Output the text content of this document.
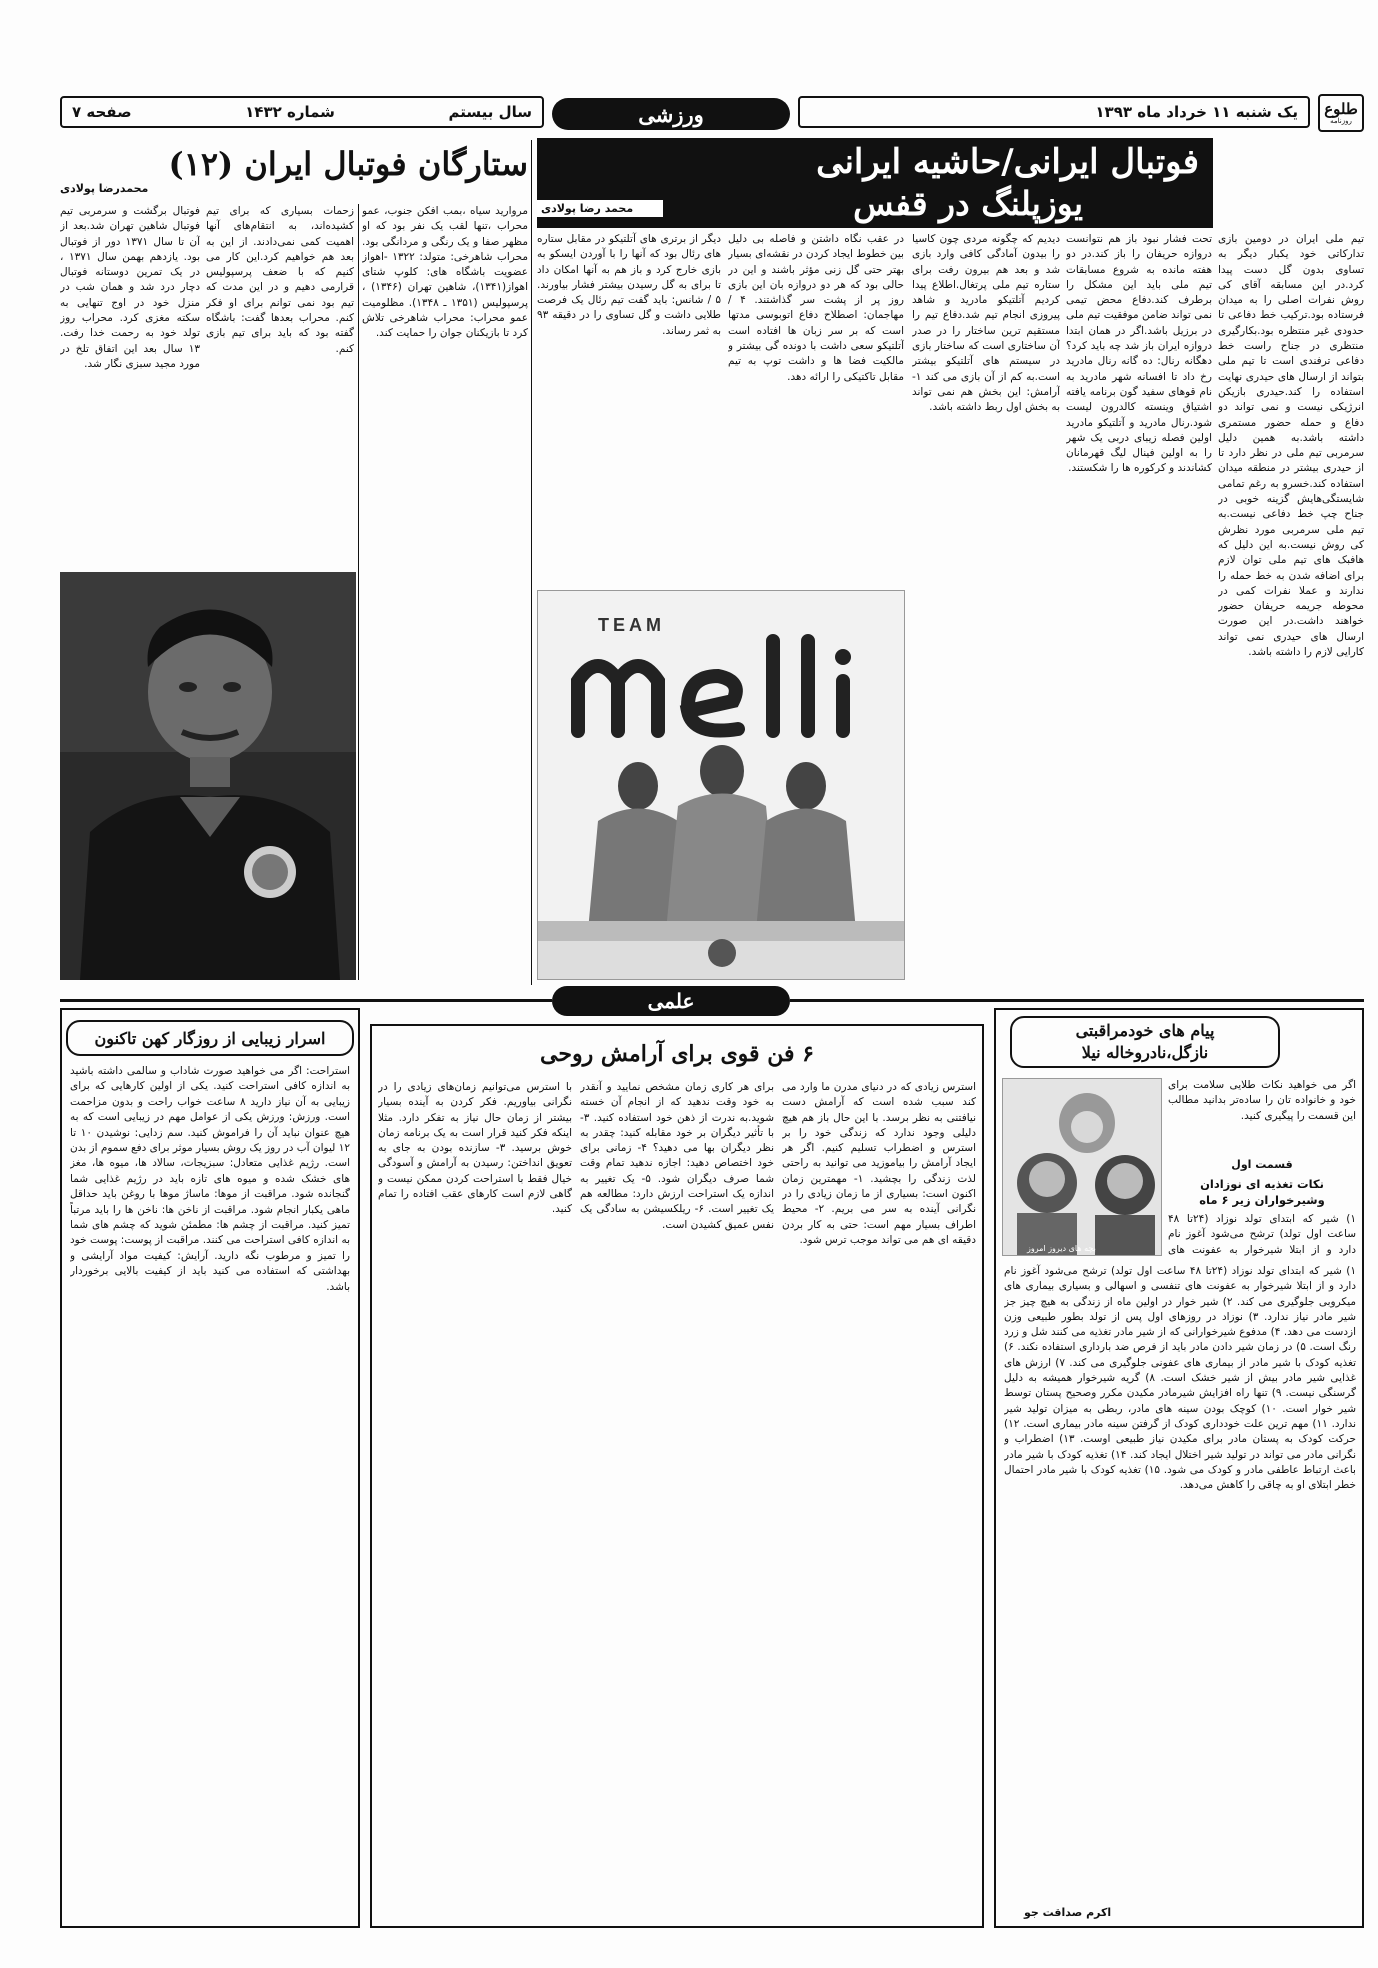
طلوع
روزنامه
یک شنبه ۱۱ خرداد ماه ۱۳۹۳
ورزشی
سال بیستم
شماره ۱۴۳۲
صفحه ۷
فوتبال ایرانی/حاشیه ایرانی
یوزپلنگ در قفس
محمد رضا پولادی
تیم ملی ایران در دومین بازی تدارکاتی خود یکبار دیگر به تساوی بدون گل دست پیدا کرد.در این مسابقه آقای کی روش نفرات اصلی را به میدان فرستاده بود.ترکیب خط دفاعی تا حدودی غیر منتظره بود.بکارگیری منتظری در جناح راست خط دفاعی ترفندی است تا تیم ملی بتواند از ارسال های حیدری نهایت استفاده را کند.حیدری بازیکن انرژیکی نیست و نمی تواند دو دفاع و حمله حضور مستمری داشته باشد.به همین دلیل سرمربی تیم ملی در نظر دارد تا از حیدری بیشتر در منطقه میدان استفاده کند.خسرو به رغم تمامی شایستگی‌هایش گزینه خوبی در جناح چپ خط دفاعی نیست.به تیم ملی سرمربی مورد نظرش کی روش نیست.به این دلیل که هافبک های تیم ملی توان لازم برای اضافه شدن به خط حمله را ندارند و عملا نفرات کمی در محوطه جریمه حریفان حضور خواهند داشت.در این صورت ارسال های حیدری نمی تواند کارایی لازم را داشته باشد.
تحت فشار نبود باز هم نتوانست دروازه حریفان را باز کند.در دو هفته مانده به شروع مسابقات تیم ملی باید این مشکل را برطرف کند.دفاع محض تیمی نمی تواند ضامن موفقیت تیم ملی در برزیل باشد.اگر در همان ابتدا دروازه ایران باز شد چه باید کرد؟ دهگانه رنال: ده گانه رنال مادرید رخ داد تا افسانه شهر مادرید به نام قوهای سفید گون برنامه یافته اشتیاق وینسته کالدرون لیست شود.رنال مادرید و آتلتیکو مادرید اولین فصله زیبای دربی یک شهر را به اولین فینال لیگ قهرمانان کشاندند و کرکوره ها را شکستند.
دیدیم که چگونه مردی چون کاسیا را بیدون آمادگی کافی وارد بازی شد و بعد هم بیرون رفت برای ستاره تیم ملی پرتغال.اطلاع پیدا کردیم آتلتیکو مادرید و شاهد پیروزی انجام تیم شد.دفاع تیم را مستقیم ترین ساختار را در صدر آن ساختاری است که ساختار بازی در سیستم های آتلتیکو بیشتر است.به کم از آن بازی می کند ۱- آرامش: این بخش هم نمی تواند به بخش اول ربط داشته باشد.
در عقب نگاه داشتن و فاصله بی دلیل بین خطوط ایجاد کردن در نقشه‌ای بسیار بهتر حتی گل زنی مؤثر باشند و این در حالی بود که هر دو دروازه بان این بازی روز پر از پشت سر گذاشتند. ۴ / مهاجمان: اصطلاح دفاع اتوبوسی مدتها است که بر سر زبان ها افتاده است آتلتیکو سعی داشت با دونده گی بیشتر و مالکیت فضا ها و داشت توپ به تیم مقابل تاکتیکی را ارائه دهد.
دیگر از برتری های آتلتیکو در مقابل ستاره های رئال بود که آنها را با آوردن ایسکو به بازی خارج کرد و باز هم به آنها امکان داد تا برای به گل رسیدن بیشتر فشار بیاورند. ۵ / شانس: باید گفت تیم رئال یک فرصت طلایی داشت و گل تساوی را در دقیقه ۹۳ به ثمر رساند.
TEAM
ستارگان فوتبال ایران (۱۲)
محمدرضا پولادی
فوتبال برگشت و سرمربی تیم فوتبال شاهین تهران شد.بعد از آن تا سال ۱۳۷۱ دور از فوتبال بود. یازدهم بهمن سال ۱۳۷۱ ، در یک تمرین دوستانه فوتبال دچار درد شد و همان شب در منزل خود در اوج تنهایی به سکته مغزی کرد. محراب روز تولد خود به رحمت خدا رفت. ۱۳ سال بعد این اتفاق تلخ در مورد مجید سبزی نگار شد.
زحمات بسیاری که برای تیم کشیده‌اند، به انتقام‌های آنها اهمیت کمی نمی‌دادند. از این به بعد هم خواهیم کرد.این کار می کنیم که با ضعف پرسپولیس قرارمی دهیم و در این مدت که تیم بود نمی توانم برای او فکر کنم. محراب بعدها گفت: باشگاه گفته بود که باید برای تیم بازی کنم.
مروارید سیاه ،بمب افکن جنوب، عمو محراب ،تنها لقب یک نفر بود که او مظهر صفا و یک رنگی و مردانگی بود. محراب شاهرخی: متولد: ۱۳۲۲ -اهواز عضویت باشگاه های: کلوپ شتای اهواز(۱۳۴۱)، شاهین تهران (۱۳۴۶) ، پرسپولیس (۱۳۵۱ ـ ۱۳۴۸). مظلومیت عمو محراب: محراب شاهرخی تلاش کرد تا بازیکنان جوان را حمایت کند.
علمی
اسرار زیبایی از روزگار کهن تاکنون
استراحت: اگر می خواهید صورت شاداب و سالمی داشته باشید به اندازه کافی استراحت کنید. یکی از اولین کارهایی که برای زیبایی به آن نیاز دارید ۸ ساعت خواب راحت و بدون مزاحمت است. ورزش: ورزش یکی از عوامل مهم در زیبایی است که به هیچ عنوان نباید آن را فراموش کنید. سم زدایی: نوشیدن ۱۰ تا ۱۲ لیوان آب در روز یک روش بسیار موثر برای دفع سموم از بدن است. رژیم غذایی متعادل: سبزیجات، سالاد ها، میوه ها، مغز های خشک شده و میوه های تازه باید در رژیم غذایی شما گنجانده شود. مراقبت از موها: ماساژ موها با روغن باید حداقل ماهی یکبار انجام شود. مراقبت از ناخن ها: ناخن ها را باید مرتباً تمیز کنید. مراقبت از چشم ها: مطمئن شوید که چشم های شما به اندازه کافی استراحت می کنند. مراقبت از پوست: پوست خود را تمیز و مرطوب نگه دارید. آرایش: کیفیت مواد آرایشی و بهداشتی که استفاده می کنید باید از کیفیت بالایی برخوردار باشد.
۶ فن قوی برای آرامش روحی
استرس زیادی که در دنیای مدرن ما وارد می کند سبب شده است که آرامش دست نیافتنی به نظر برسد. با این حال باز هم هیچ دلیلی وجود ندارد که زندگی خود را بر استرس و اضطراب تسلیم کنیم. اگر هر ایجاد آرامش را بیاموزید می توانید به راحتی لذت زندگی را بچشید. ۱- مهمترین زمان اکنون است: بسیاری از ما زمان زیادی را در نگرانی آینده به سر می بریم. ۲- محیط اطراف بسیار مهم است: حتی به کار بردن دقیقه ای هم می تواند موجب ترس شود.
برای هر کاری زمان مشخص نمایید و آنقدر به خود وقت ندهید که از انجام آن خسته شوید.به ندرت از ذهن خود استفاده کنید. ۳- با تأثیر دیگران بر خود مقابله کنید: چقدر به نظر دیگران بها می دهید؟ ۴- زمانی برای خود اختصاص دهید: اجازه ندهید تمام وقت شما صرف دیگران شود. ۵- یک تغییر به اندازه یک استراحت ارزش دارد: مطالعه هم یک تغییر است. ۶- ریلکسیشن به سادگی یک نفس عمیق کشیدن است.
با استرس می‌توانیم زمان‌های زیادی را در نگرانی بیاوریم. فکر کردن به آینده بسیار بیشتر از زمان حال نیاز به تفکر دارد. مثلا اینکه فکر کنید قرار است به یک برنامه زمان خوش برسید. ۳- سازنده بودن به جای به تعویق انداختن: رسیدن به آرامش و آسودگی خیال فقط با استراحت کردن ممکن نیست و گاهی لازم است کارهای عقب افتاده را تمام کنید.
پیام های خودمراقبتی
نازگل،نادروخاله نیلا
بچه های دیروز امروز
اگر می خواهید نکات طلایی سلامت برای خود و خانواده تان را ساده‌تر بدانید مطالب این قسمت را پیگیری کنید.
قسمت اول
نکات تغذیه ای نوزادان وشیرخواران زیر ۶ ماه
۱) شیر که ابتدای تولد نوزاد (۲۴تا ۴۸ ساعت اول تولد) ترشح می‌شود آغوز نام دارد و از ابتلا شیرخوار به عفونت های
۱) شیر که ابتدای تولد نوزاد (۲۴تا ۴۸ ساعت اول تولد) ترشح می‌شود آغوز نام دارد و از ابتلا شیرخوار به عفونت های تنفسی و اسهالی و بسیاری بیماری های میکروبی جلوگیری می کند. ۲) شیر خوار در اولین ماه از زندگی به هیچ چیز جز شیر مادر نیاز ندارد. ۳) نوزاد در روزهای اول پس از تولد بطور طبیعی وزن ازدست می دهد. ۴) مدفوع شیرخوارانی که از شیر مادر تغذیه می کنند شل و زرد رنگ است. ۵) در زمان شیر دادن مادر باید از فرص ضد بارداری استفاده نکند. ۶) تغذیه کودک با شیر مادر از بیماری های عفونی جلوگیری می کند. ۷) ارزش های غذایی شیر مادر بیش از شیر خشک است. ۸) گریه شیرخوار همیشه به دلیل گرسنگی نیست. ۹) تنها راه افزایش شیرمادر مکیدن مکرر وصحیح پستان توسط شیر خوار است. ۱۰) کوچک بودن سینه های مادر، ربطی به میزان تولید شیر ندارد. ۱۱) مهم ترین علت خودداری کودک از گرفتن سینه مادر بیماری است. ۱۲) حرکت کودک به پستان مادر برای مکیدن نیاز طبیعی اوست. ۱۳) اضطراب و نگرانی مادر می تواند در تولید شیر اختلال ایجاد کند. ۱۴) تغذیه کودک با شیر مادر باعث ارتباط عاطفی مادر و کودک می شود. ۱۵) تغذیه کودک با شیر مادر احتمال خطر ابتلای او به چاقی را کاهش می‌دهد.
اکرم صداقت جو
